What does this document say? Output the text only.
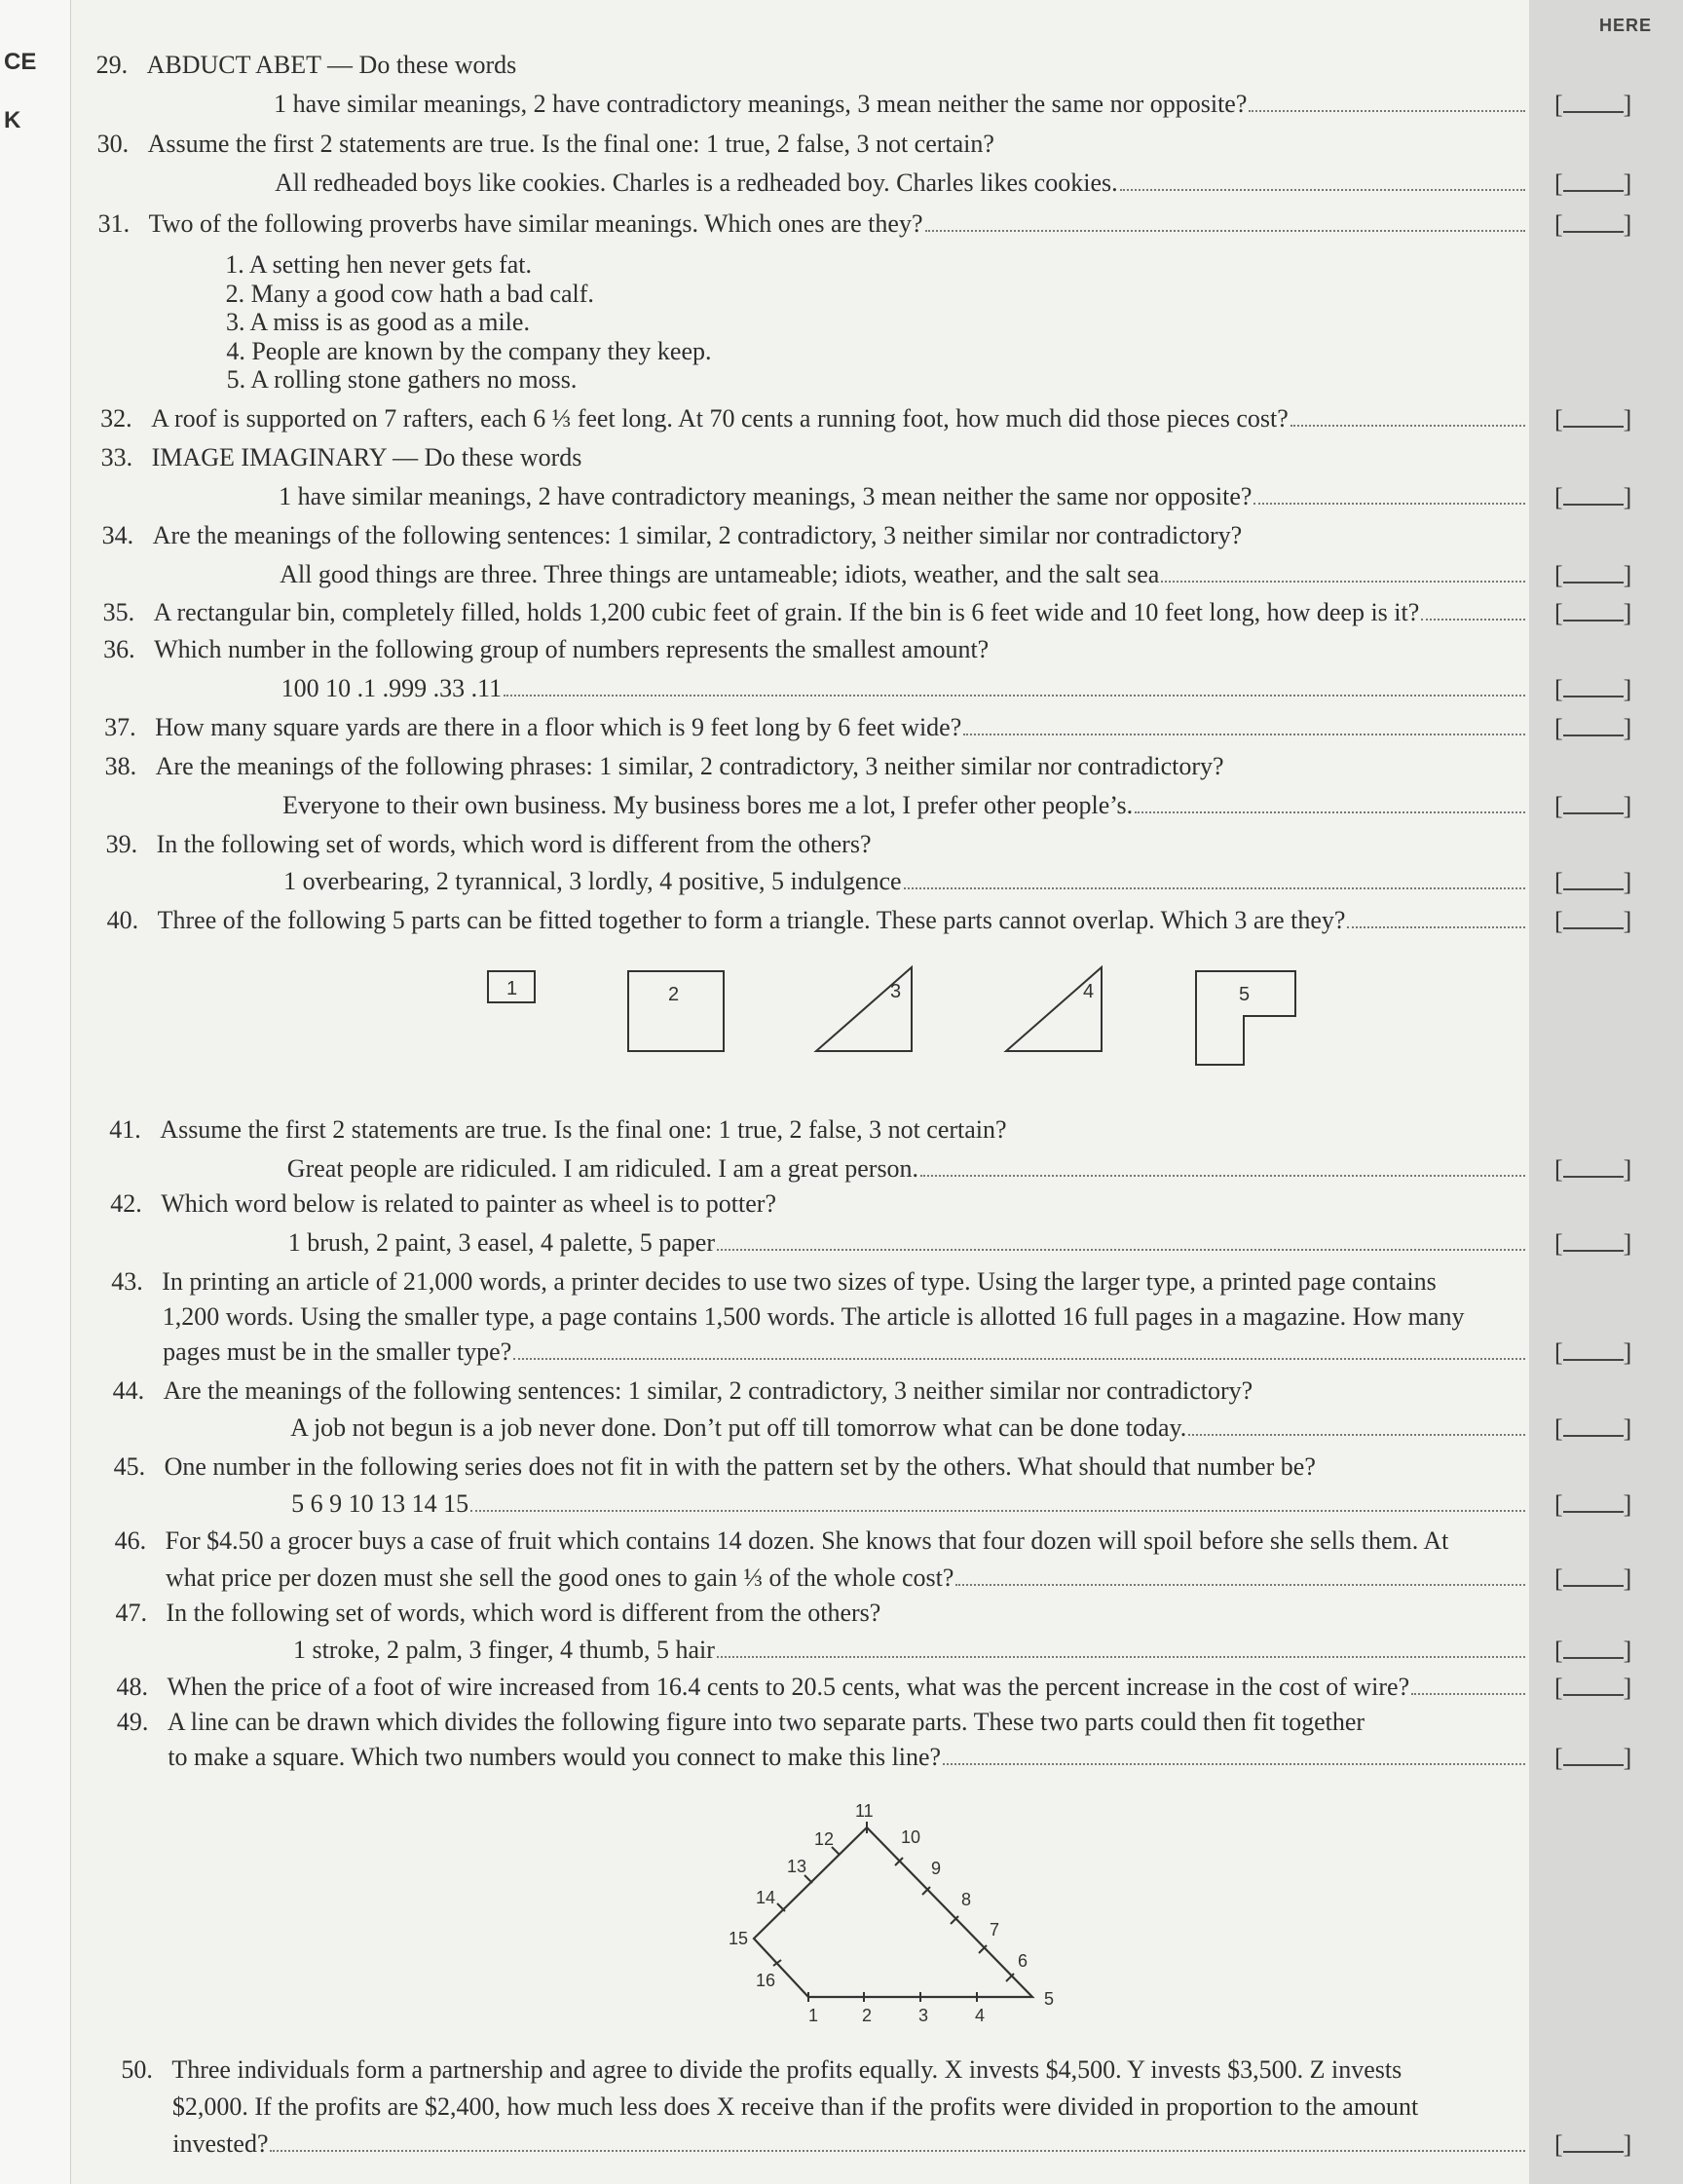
CE
K
HERE
29. ABDUCT ABET — Do these words
[ ]
1 have similar meanings, 2 have contradictory meanings, 3 mean neither the same nor opposite?
30. Assume the first 2 statements are true. Is the final one: 1 true, 2 false, 3 not certain?
[ ]
All redheaded boys like cookies. Charles is a redheaded boy. Charles likes cookies.
31.	[ ]
Two of the following proverbs have similar meanings. Which ones are they?
1. A setting hen never gets fat.
2. Many a good cow hath a bad calf.
3. A miss is as good as a mile.
4. People are known by the company they keep.
5. A rolling stone gathers no moss.
32.	[ ]
A roof is supported on 7 rafters, each 6 ⅓ feet long. At 70 cents a running foot, how much did those pieces cost?
33. IMAGE IMAGINARY — Do these words
[ ]
1 have similar meanings, 2 have contradictory meanings, 3 mean neither the same nor opposite?
34. Are the meanings of the following sentences: 1 similar, 2 contradictory, 3 neither similar nor contradictory?
[ ]
All good things are three. Three things are untameable; idiots, weather, and the salt sea
35.	[ ]
A rectangular bin, completely filled, holds 1,200 cubic feet of grain. If the bin is 6 feet wide and 10 feet long, how deep is it?
36. Which number in the following group of numbers represents the smallest amount?
[ ]
100 10 .1 .999 .33 .11
37.	[ ]
How many square yards are there in a floor which is 9 feet long by 6 feet wide?
38. Are the meanings of the following phrases: 1 similar, 2 contradictory, 3 neither similar nor contradictory?
[ ]
Everyone to their own business. My business bores me a lot, I prefer other people’s.
39. In the following set of words, which word is different from the others?
[ ]
1 overbearing, 2 tyrannical, 3 lordly, 4 positive, 5 indulgence
40.	[ ]
Three of the following 5 parts can be fitted together to form a triangle. These parts cannot overlap. Which 3 are they?
41. Assume the first 2 statements are true. Is the final one: 1 true, 2 false, 3 not certain?
[ ]
Great people are ridiculed. I am ridiculed. I am a great person.
42. Which word below is related to painter as wheel is to potter?
[ ]
1 brush, 2 paint, 3 easel, 4 palette, 5 paper
43. In printing an article of 21,000 words, a printer decides to use two sizes of type. Using the larger type, a printed page contains
1,200 words. Using the smaller type, a page contains 1,500 words. The article is allotted 16 full pages in a magazine. How many
[ ]
pages must be in the smaller type?
44. Are the meanings of the following sentences: 1 similar, 2 contradictory, 3 neither similar nor contradictory?
[ ]
A job not begun is a job never done. Don’t put off till tomorrow what can be done today.
45. One number in the following series does not fit in with the pattern set by the others. What should that number be?
[ ]
5 6 9 10 13 14 15
46. For $4.50 a grocer buys a case of fruit which contains 14 dozen. She knows that four dozen will spoil before she sells them. At
[ ]
what price per dozen must she sell the good ones to gain ⅓ of the whole cost?
47. In the following set of words, which word is different from the others?
[ ]
1 stroke, 2 palm, 3 finger, 4 thumb, 5 hair
48.	[ ]
When the price of a foot of wire increased from 16.4 cents to 20.5 cents, what was the percent increase in the cost of wire?
49. A line can be drawn which divides the following figure into two separate parts. These two parts could then fit together
[ ]
to make a square. Which two numbers would you connect to make this line?
50. Three individuals form a partnership and agree to divide the profits equally. X invests $4,500. Y invests $3,500. Z invests
$2,000. If the profits are $2,400, how much less does X receive than if the profits were divided in proportion to the amount
[ ]
invested?
1	2	3	4	5
1 2	3	4
5
6
7
8
9
10
11
12
13
14
15
16
